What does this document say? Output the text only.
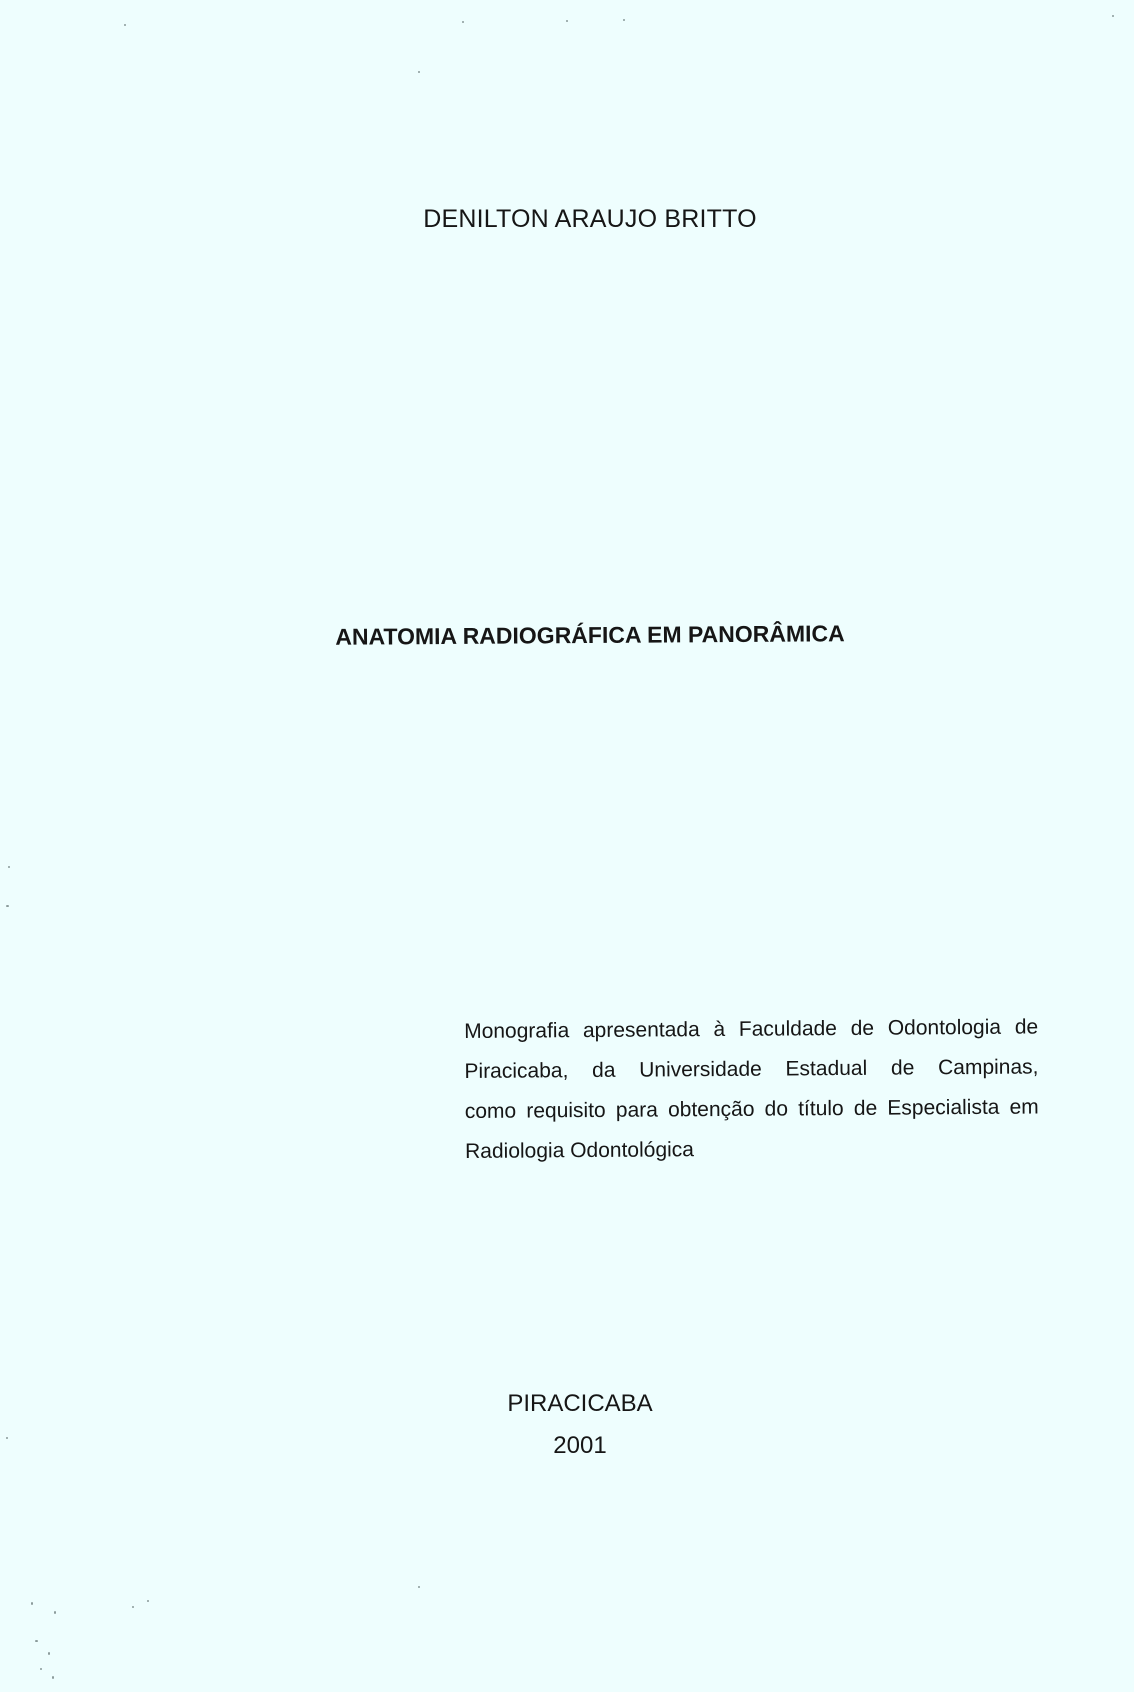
DENILTON ARAUJO BRITTO
ANATOMIA RADIOGRÁFICA EM PANORÂMICA
Monografia apresentada à Faculdade de Odontologia de
Piracicaba, da Universidade Estadual de Campinas,
como requisito para obtenção do título de Especialista em
Radiologia Odontológica
PIRACICABA
2001
